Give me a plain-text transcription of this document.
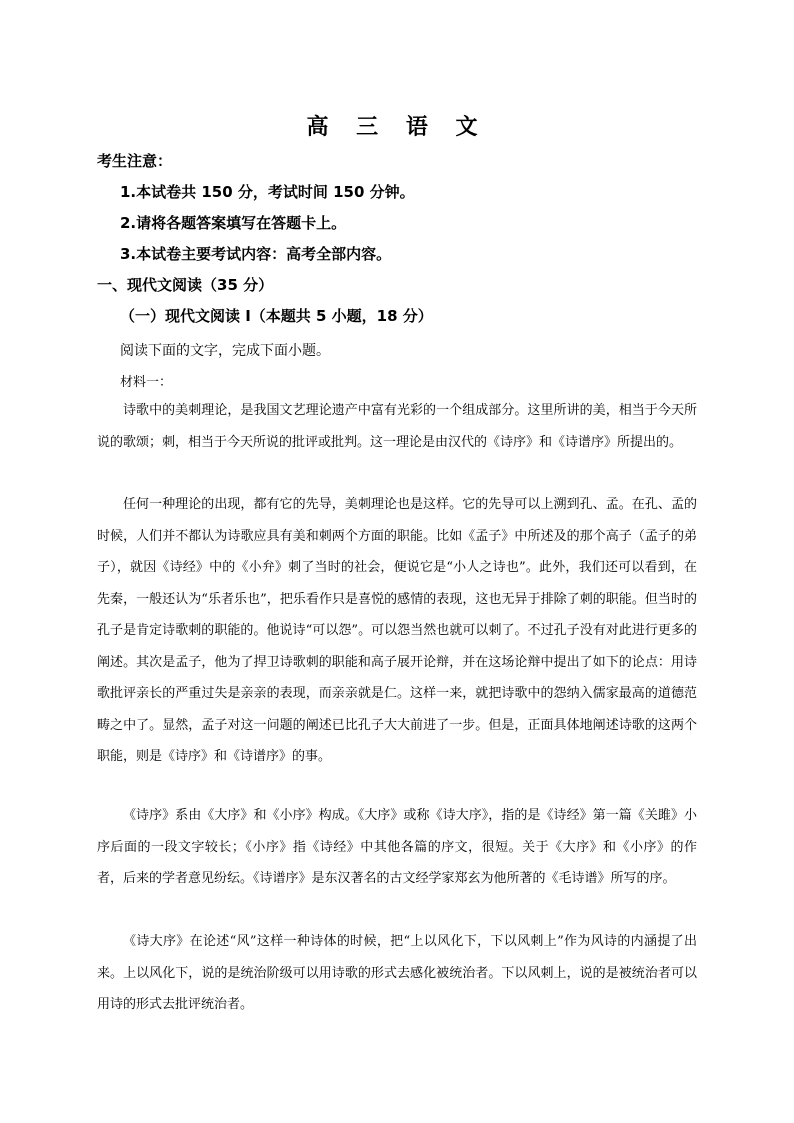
高 三 语 文
考生注意：
1.本试卷共 150 分，考试时间 150 分钟。
2.请将各题答案填写在答题卡上。
3.本试卷主要考试内容：高考全部内容。
一、现代文阅读（35 分）
（一）现代文阅读 I（本题共 5 小题，18 分）
阅读下面的文字，完成下面小题。
材料一：

诗歌中的美刺理论，是我国文艺理论遗产中富有光彩的一个组成部分。这里所讲的美，相当于今天所说的歌颂；刺，相当于今天所说的批评或批判。这一理论是由汉代的《诗序》和《诗谱序》所提出的。

任何一种理论的出现，都有它的先导，美刺理论也是这样。它的先导可以上溯到孔、孟。在孔、孟的时候，人们并不都认为诗歌应具有美和刺两个方面的职能。比如《孟子》中所述及的那个高子（孟子的弟子），就因《诗经》中的《小弁》刺了当时的社会，便说它是“小人之诗也”。此外，我们还可以看到，在先秦，一般还认为“乐者乐也”，把乐看作只是喜悦的感情的表现，这也无异于排除了刺的职能。但当时的孔子是肯定诗歌刺的职能的。他说诗“可以怨”。可以怨当然也就可以刺了。不过孔子没有对此进行更多的阐述。其次是孟子，他为了捍卫诗歌刺的职能和高子展开论辩，并在这场论辩中提出了如下的论点：用诗歌批评亲长的严重过失是亲亲的表现，而亲亲就是仁。这样一来，就把诗歌中的怨纳入儒家最高的道德范畴之中了。显然，孟子对这一问题的阐述已比孔子大大前进了一步。但是，正面具体地阐述诗歌的这两个职能，则是《诗序》和《诗谱序》的事。

《诗序》系由《大序》和《小序》构成。《大序》或称《诗大序》，指的是《诗经》第一篇《关雎》小序后面的一段文字较长；《小序》指《诗经》中其他各篇的序文，很短。关于《大序》和《小序》的作者，后来的学者意见纷纭。《诗谱序》是东汉著名的古文经学家郑玄为他所著的《毛诗谱》所写的序。

《诗大序》在论述“风”这样一种诗体的时候，把“上以风化下，下以风刺上”作为风诗的内涵提了出来。上以风化下，说的是统治阶级可以用诗歌的形式去感化被统治者。下以风刺上，说的是被统治者可以用诗的形式去批评统治者。
